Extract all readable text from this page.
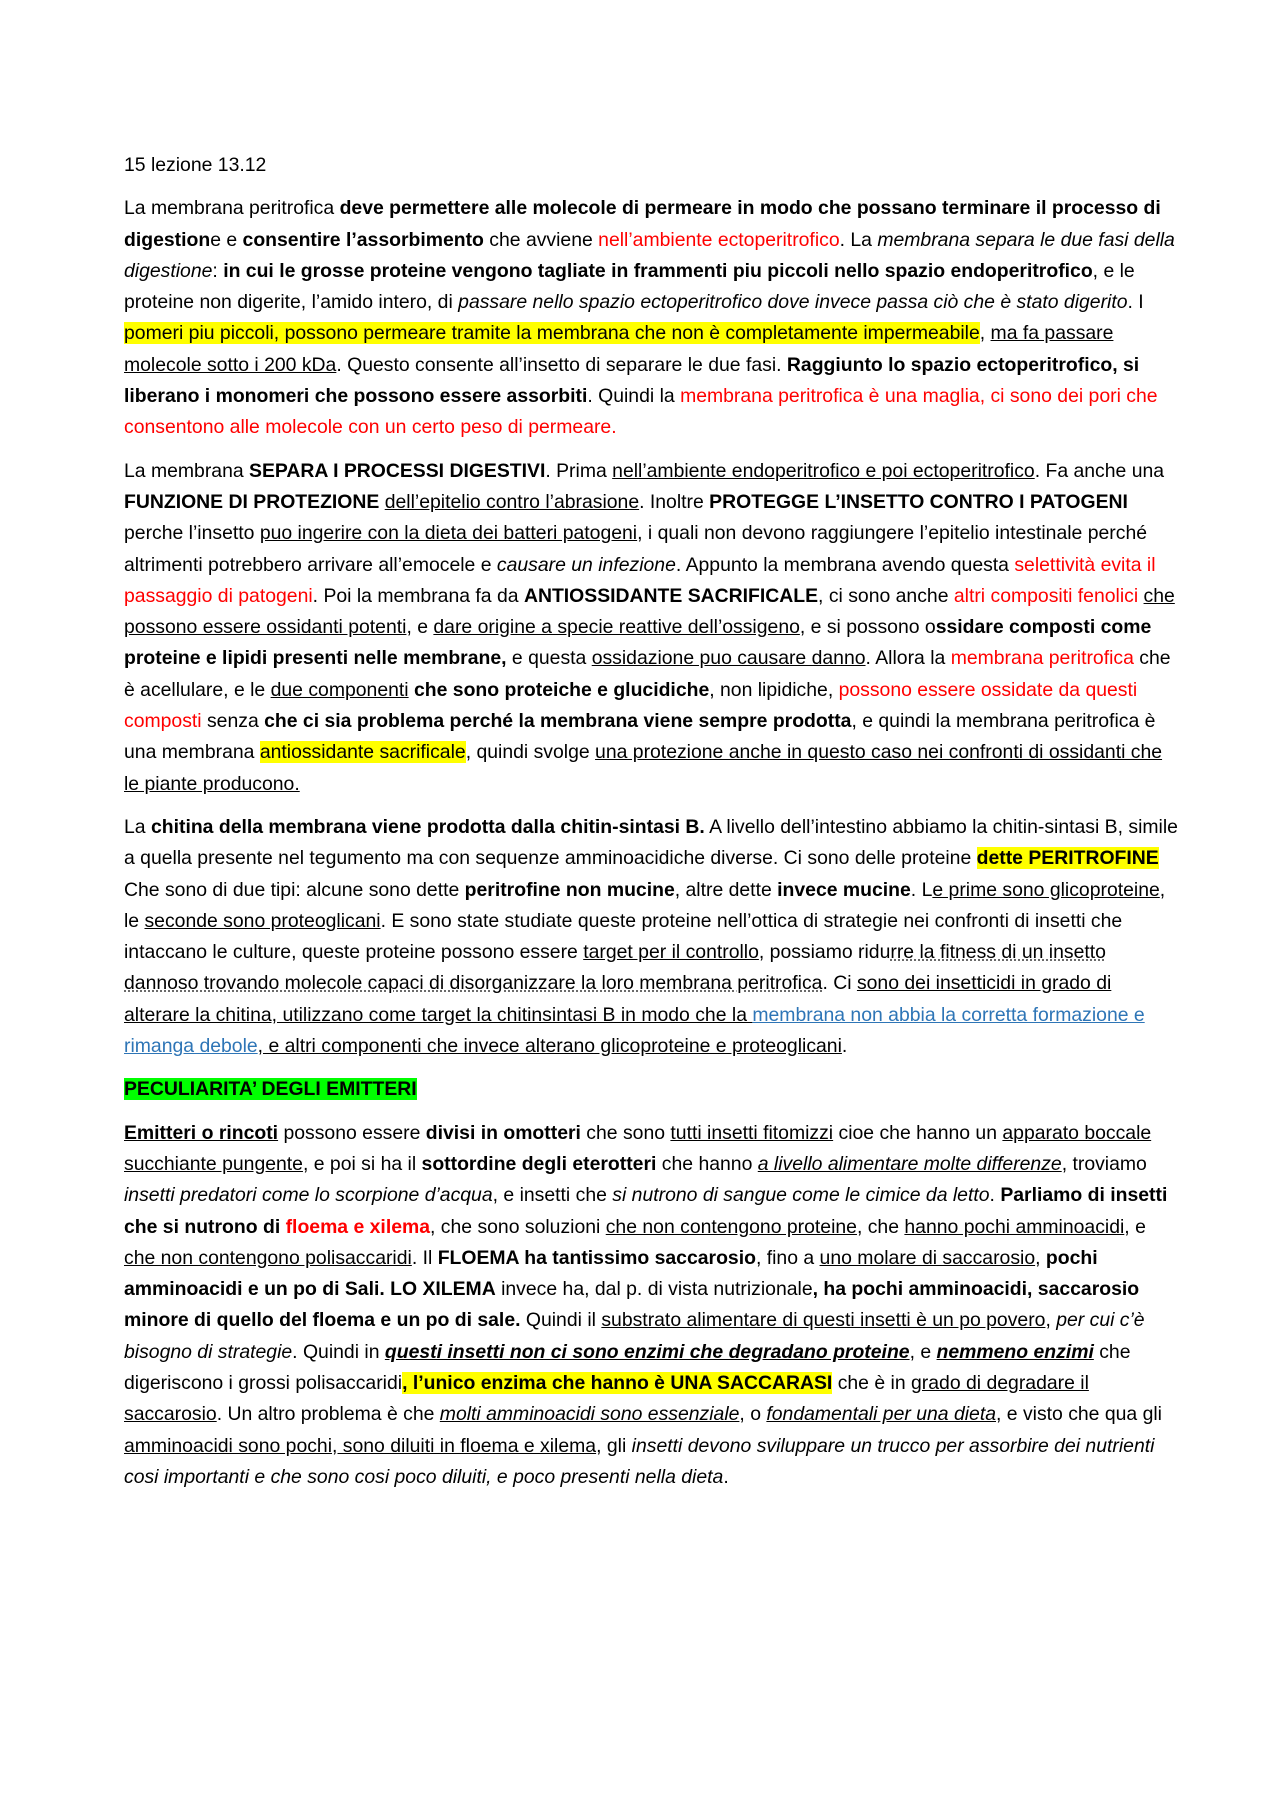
15 lezione 13.12

La membrana peritrofica deve permettere alle molecole di permeare in modo che possano terminare il processo di digestione e consentire l’assorbimento che avviene nell’ambiente ectoperitrofico. La membrana separa le due fasi della digestione: in cui le grosse proteine vengono tagliate in frammenti piu piccoli nello spazio endoperitrofico, e le proteine non digerite, l’amido intero, di passare nello spazio ectoperitrofico dove invece passa ciò che è stato digerito. I pomeri piu piccoli, possono permeare tramite la membrana che non è completamente impermeabile, ma fa passare molecole sotto i 200 kDa. Questo consente all’insetto di separare le due fasi. Raggiunto lo spazio ectoperitrofico, si liberano i monomeri che possono essere assorbiti. Quindi la membrana peritrofica è una maglia, ci sono dei pori che consentono alle molecole con un certo peso di permeare.

La membrana SEPARA I PROCESSI DIGESTIVI. Prima nell’ambiente endoperitrofico e poi ectoperitrofico. Fa anche una FUNZIONE DI PROTEZIONE dell’epitelio contro l’abrasione. Inoltre PROTEGGE L’INSETTO CONTRO I PATOGENI perche l’insetto puo ingerire con la dieta dei batteri patogeni, i quali non devono raggiungere l’epitelio intestinale perché altrimenti potrebbero arrivare all’emocele e causare un infezione. Appunto la membrana avendo questa selettività evita il passaggio di patogeni. Poi la membrana fa da ANTIOSSIDANTE SACRIFICALE, ci sono anche altri compositi fenolici che possono essere ossidanti potenti, e dare origine a specie reattive dell’ossigeno, e si possono ossidare composti come proteine e lipidi presenti nelle membrane, e questa ossidazione puo causare danno. Allora la membrana peritrofica che è acellulare, e le due componenti che sono proteiche e glucidiche, non lipidiche, possono essere ossidate da questi composti senza che ci sia problema perché la membrana viene sempre prodotta, e quindi la membrana peritrofica è una membrana antiossidante sacrificale, quindi svolge una protezione anche in questo caso nei confronti di ossidanti che le piante producono.

La chitina della membrana viene prodotta dalla chitin-sintasi B. A livello dell’intestino abbiamo la chitin-sintasi B, simile a quella presente nel tegumento ma con sequenze amminoacidiche diverse. Ci sono delle proteine dette PERITROFINE Che sono di due tipi: alcune sono dette peritrofine non mucine, altre dette invece mucine. Le prime sono glicoproteine, le seconde sono proteoglicani. E sono state studiate queste proteine nell’ottica di strategie nei confronti di insetti che intaccano le culture, queste proteine possono essere target per il controllo, possiamo ridurre la fitness di un insetto dannoso trovando molecole capaci di disorganizzare la loro membrana peritrofica. Ci sono dei insetticidi in grado di alterare la chitina, utilizzano come target la chitinsintasi B in modo che la membrana non abbia la corretta formazione e rimanga debole, e altri componenti che invece alterano glicoproteine e proteoglicani.

PECULIARITA’ DEGLI EMITTERI

Emitteri o rincoti possono essere divisi in omotteri che sono tutti insetti fitomizzi cioe che hanno un apparato boccale succhiante pungente, e poi si ha il sottordine degli eterotteri che hanno a livello alimentare molte differenze, troviamo insetti predatori come lo scorpione d’acqua, e insetti che si nutrono di sangue come le cimice da letto. Parliamo di insetti che si nutrono di floema e xilema, che sono soluzioni che non contengono proteine, che hanno pochi amminoacidi, e che non contengono polisaccaridi. Il FLOEMA ha tantissimo saccarosio, fino a uno molare di saccarosio, pochi amminoacidi e un po di Sali. LO XILEMA invece ha, dal p. di vista nutrizionale, ha pochi amminoacidi, saccarosio minore di quello del floema e un po di sale. Quindi il substrato alimentare di questi insetti è un po povero, per cui c’è bisogno di strategie. Quindi in questi insetti non ci sono enzimi che degradano proteine, e nemmeno enzimi che digeriscono i grossi polisaccaridi, l’unico enzima che hanno è UNA SACCARASI che è in grado di degradare il saccarosio. Un altro problema è che molti amminoacidi sono essenziale, o fondamentali per una dieta, e visto che qua gli amminoacidi sono pochi, sono diluiti in floema e xilema, gli insetti devono sviluppare un trucco per assorbire dei nutrienti cosi importanti e che sono cosi poco diluiti, e poco presenti nella dieta.
